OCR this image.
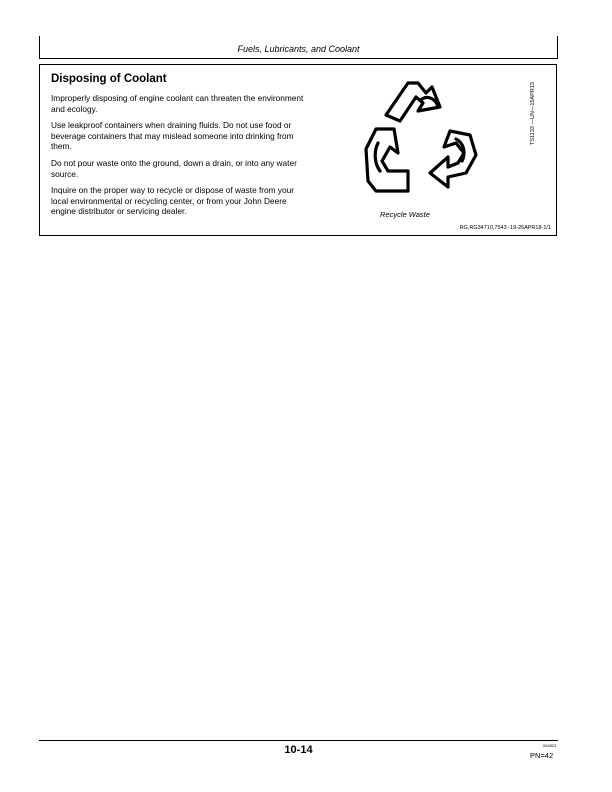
Fuels, Lubricants, and Coolant
Disposing of Coolant
Improperly disposing of engine coolant can threaten the environment and ecology.
Use leakproof containers when draining fluids. Do not use food or beverage containers that may mislead someone into drinking from them.
Do not pour waste onto the ground, down a drain, or into any water source.
Inquire on the proper way to recycle or dispose of waste from your local environmental or recycling center, or from your John Deere engine distributor or servicing dealer.	Recycle Waste
TS1133 —UN—15APR13
RG,RG34710,7543 -19-26APR18-1/1
10-14	062823
PN=42
